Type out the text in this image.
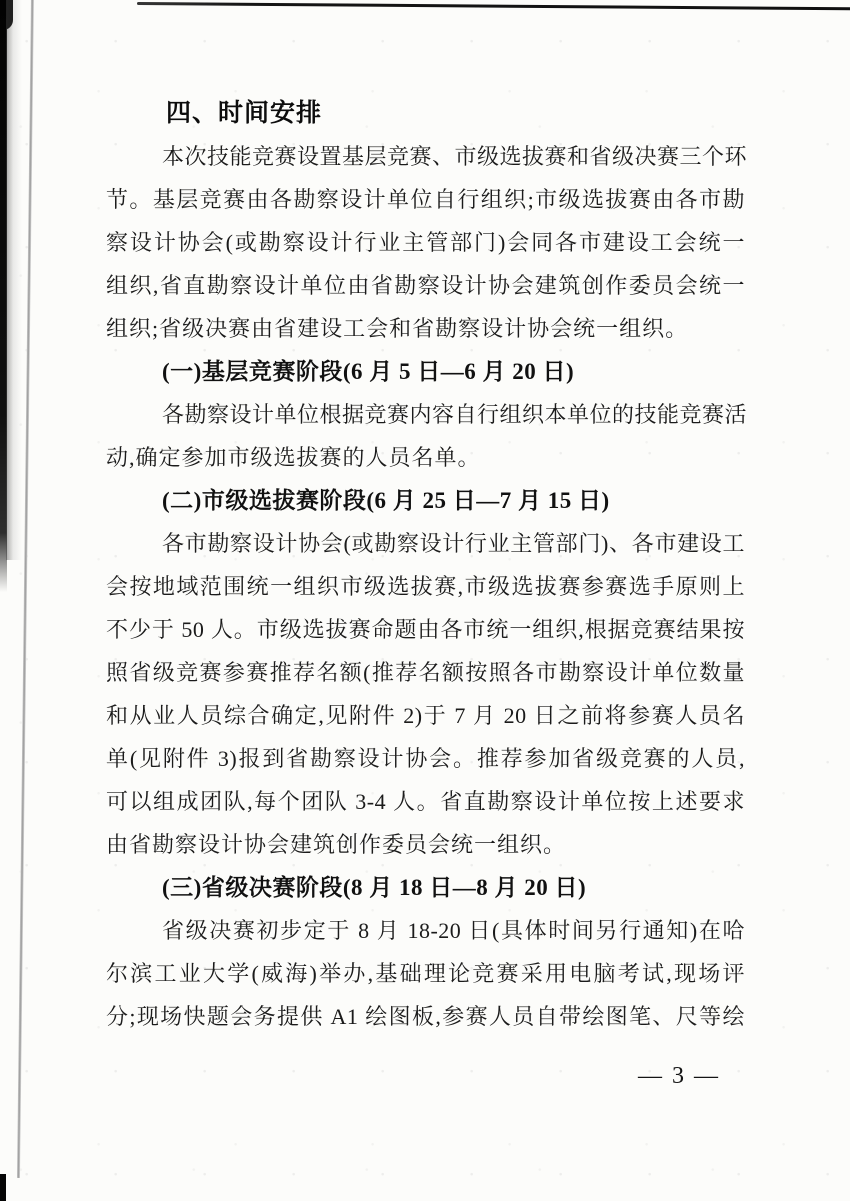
四、时间安排
本次技能竞赛设置基层竞赛、市级选拔赛和省级决赛三个环
节。基层竞赛由各勘察设计单位自行组织;市级选拔赛由各市勘
察设计协会(或勘察设计行业主管部门)会同各市建设工会统一
组织,省直勘察设计单位由省勘察设计协会建筑创作委员会统一
组织;省级决赛由省建设工会和省勘察设计协会统一组织。
(一)基层竞赛阶段(6 月 5 日—6 月 20 日)
各勘察设计单位根据竞赛内容自行组织本单位的技能竞赛活
动,确定参加市级选拔赛的人员名单。
(二)市级选拔赛阶段(6 月 25 日—7 月 15 日)
各市勘察设计协会(或勘察设计行业主管部门)、各市建设工
会按地域范围统一组织市级选拔赛,市级选拔赛参赛选手原则上
不少于 50 人。市级选拔赛命题由各市统一组织,根据竞赛结果按
照省级竞赛参赛推荐名额(推荐名额按照各市勘察设计单位数量
和从业人员综合确定,见附件 2)于 7 月 20 日之前将参赛人员名
单(见附件 3)报到省勘察设计协会。推荐参加省级竞赛的人员,
可以组成团队,每个团队 3-4 人。省直勘察设计单位按上述要求
由省勘察设计协会建筑创作委员会统一组织。
(三)省级决赛阶段(8 月 18 日—8 月 20 日)
省级决赛初步定于 8 月 18-20 日(具体时间另行通知)在哈
尔滨工业大学(威海)举办,基础理论竞赛采用电脑考试,现场评
分;现场快题会务提供 A1 绘图板,参赛人员自带绘图笔、尺等绘
— 3 —
